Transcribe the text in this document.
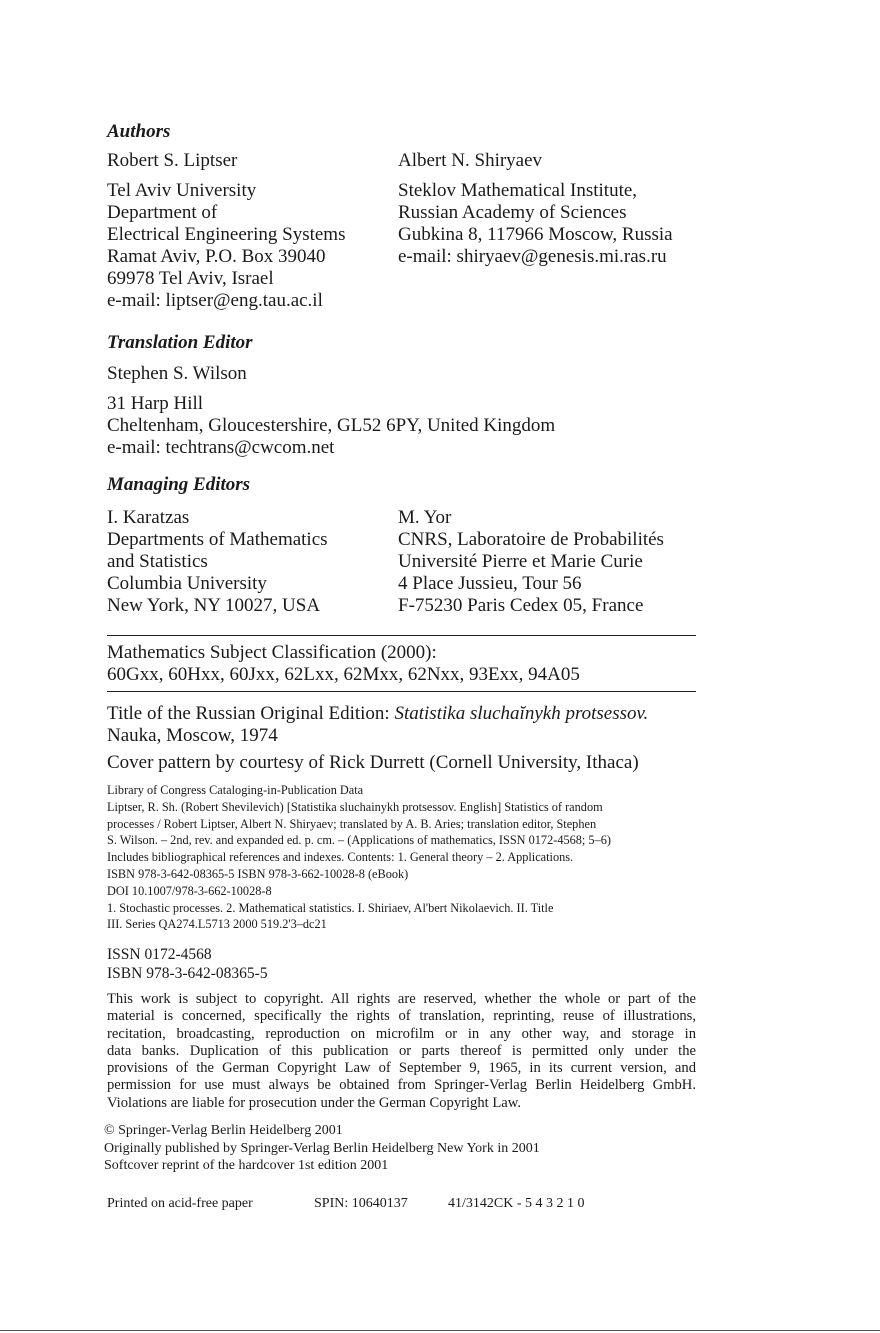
Authors
Robert S. Liptser
Tel Aviv University
Department of
Electrical Engineering Systems
Ramat Aviv, P.O. Box 39040
69978 Tel Aviv, Israel
e-mail: liptser@eng.tau.ac.il
Albert N. Shiryaev
Steklov Mathematical Institute,
Russian Academy of Sciences
Gubkina 8, 117966 Moscow, Russia
e-mail: shiryaev@genesis.mi.ras.ru
Translation Editor
Stephen S. Wilson
31 Harp Hill
Cheltenham, Gloucestershire, GL52 6PY, United Kingdom
e-mail: techtrans@cwcom.net
Managing Editors
I. Karatzas
Departments of Mathematics
and Statistics
Columbia University
New York, NY 10027, USA
M. Yor
CNRS, Laboratoire de Probabilités
Université Pierre et Marie Curie
4 Place Jussieu, Tour 56
F-75230 Paris Cedex 05, France
Mathematics Subject Classification (2000):
60Gxx, 60Hxx, 60Jxx, 62Lxx, 62Mxx, 62Nxx, 93Exx, 94A05
Title of the Russian Original Edition: Statistika sluchaĭnykh protsessov.
Nauka, Moscow, 1974
Cover pattern by courtesy of Rick Durrett (Cornell University, Ithaca)
Library of Congress Cataloging-in-Publication Data
Liptser, R. Sh. (Robert Shevilevich) [Statistika sluchainykh protsessov. English] Statistics of random
processes / Robert Liptser, Albert N. Shiryaev; translated by A. B. Aries; translation editor, Stephen
S. Wilson. – 2nd, rev. and expanded ed. p. cm. – (Applications of mathematics, ISSN 0172-4568; 5–6)
Includes bibliographical references and indexes. Contents: 1. General theory – 2. Applications.
ISBN 978-3-642-08365-5 ISBN 978-3-662-10028-8 (eBook)
DOI 10.1007/978-3-662-10028-8
1. Stochastic processes. 2. Mathematical statistics. I. Shiriaev, Al'bert Nikolaevich. II. Title
III. Series QA274.L5713 2000 519.2'3–dc21
ISSN 0172-4568
ISBN 978-3-642-08365-5
This work is subject to copyright. All rights are reserved, whether the whole or part of the
material is concerned, specifically the rights of translation, reprinting, reuse of illustrations,
recitation, broadcasting, reproduction on microfilm or in any other way, and storage in
data banks. Duplication of this publication or parts thereof is permitted only under the
provisions of the German Copyright Law of September 9, 1965, in its current version, and
permission for use must always be obtained from Springer-Verlag Berlin Heidelberg GmbH.
Violations are liable for prosecution under the German Copyright Law.
© Springer-Verlag Berlin Heidelberg 2001
Originally published by Springer-Verlag Berlin Heidelberg New York in 2001
Softcover reprint of the hardcover 1st edition 2001
Printed on acid-free paper	SPIN: 10640137	41/3142CK - 5 4 3 2 1 0
